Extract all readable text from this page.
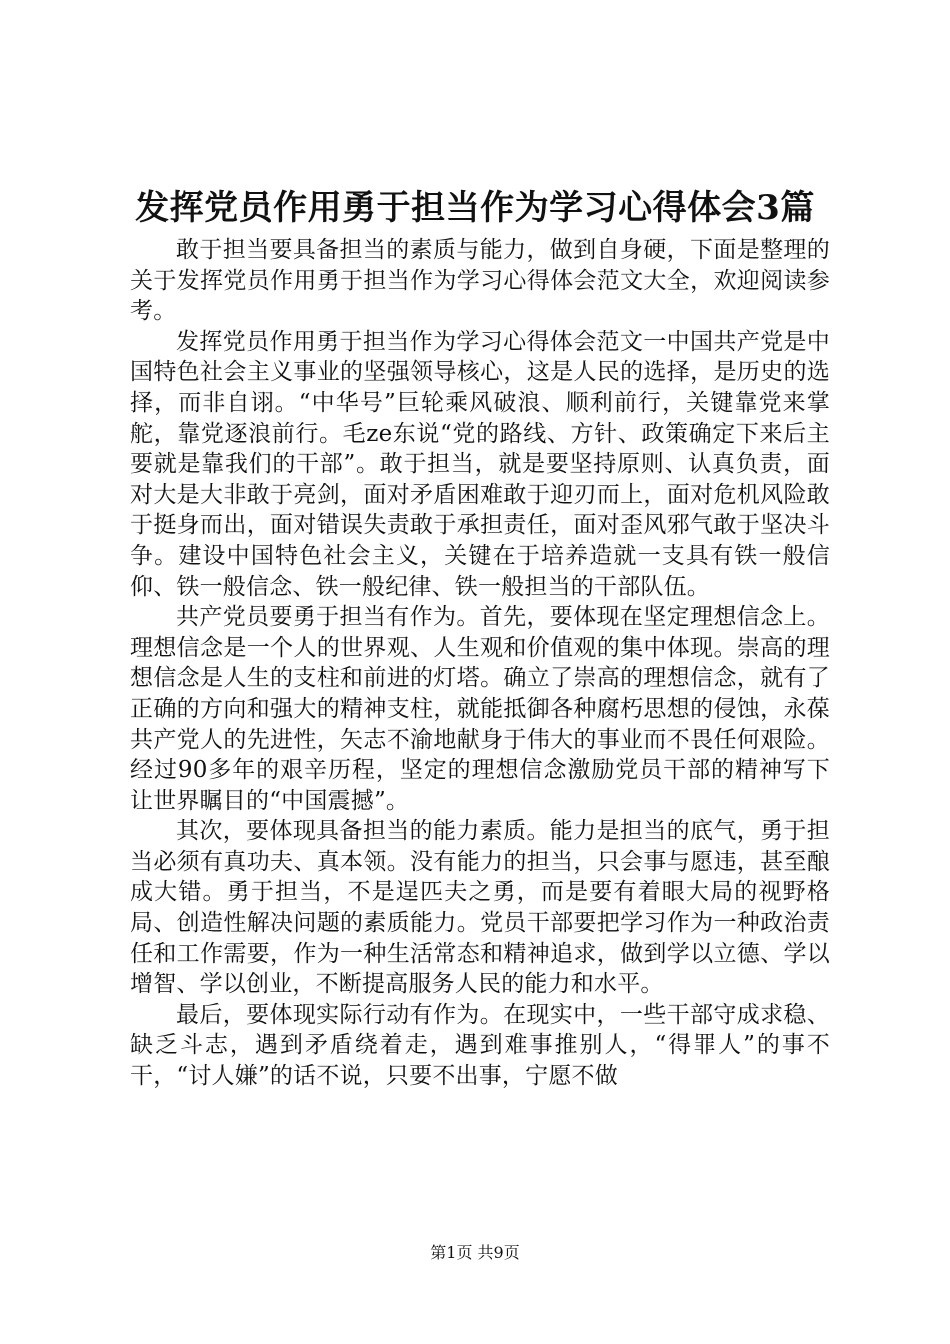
发挥党员作用勇于担当作为学习心得体会3篇

敢于担当要具备担当的素质与能力，做到自身硬，下面是整理的关于发挥党员作用勇于担当作为学习心得体会范文大全，欢迎阅读参考。

发挥党员作用勇于担当作为学习心得体会范文一中国共产党是中国特色社会主义事业的坚强领导核心，这是人民的选择，是历史的选择，而非自诩。“中华号”巨轮乘风破浪、顺利前行，关键靠党来掌舵，靠党逐浪前行。毛ze东说“党的路线、方针、政策确定下来后主要就是靠我们的干部”。敢于担当，就是要坚持原则、认真负责，面对大是大非敢于亮剑，面对矛盾困难敢于迎刃而上，面对危机风险敢于挺身而出，面对错误失责敢于承担责任，面对歪风邪气敢于坚决斗争。建设中国特色社会主义，关键在于培养造就一支具有铁一般信仰、铁一般信念、铁一般纪律、铁一般担当的干部队伍。

共产党员要勇于担当有作为。首先，要体现在坚定理想信念上。理想信念是一个人的世界观、人生观和价值观的集中体现。崇高的理想信念是人生的支柱和前进的灯塔。确立了崇高的理想信念，就有了正确的方向和强大的精神支柱，就能抵御各种腐朽思想的侵蚀，永葆共产党人的先进性，矢志不渝地献身于伟大的事业而不畏任何艰险。经过90多年的艰辛历程，坚定的理想信念激励党员干部的精神写下让世界瞩目的“中国震撼”。

其次，要体现具备担当的能力素质。能力是担当的底气，勇于担当必须有真功夫、真本领。没有能力的担当，只会事与愿违，甚至酿成大错。勇于担当，不是逞匹夫之勇，而是要有着眼大局的视野格局、创造性解决问题的素质能力。党员干部要把学习作为一种政治责任和工作需要，作为一种生活常态和精神追求，做到学以立德、学以增智、学以创业，不断提高服务人民的能力和水平。

最后，要体现实际行动有作为。在现实中，一些干部守成求稳、缺乏斗志，遇到矛盾绕着走，遇到难事推别人，“得罪人”的事不干，“讨人嫌”的话不说，只要不出事，宁愿不做

第1页 共9页
